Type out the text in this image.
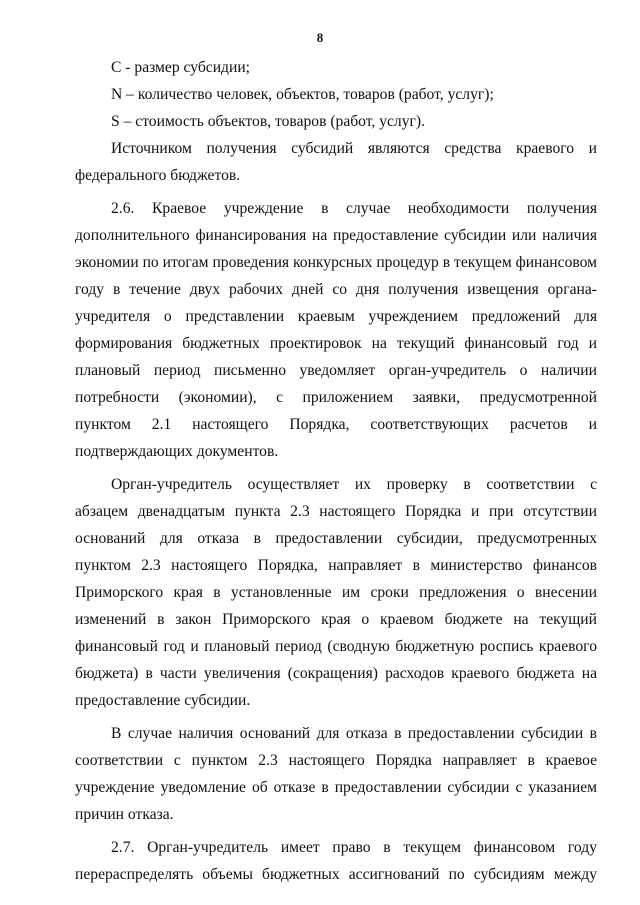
8

С - размер субсидии;

N – количество человек, объектов, товаров (работ, услуг);

S – стоимость объектов, товаров (работ, услуг).

Источником получения субсидий являются средства краевого и

федерального бюджетов.

2.6. Краевое учреждение в случае необходимости получения

дополнительного финансирования на предоставление субсидии или наличия

экономии по итогам проведения конкурсных процедур в текущем финансовом

году в течение двух рабочих дней со дня получения извещения органа-

учредителя о представлении краевым учреждением предложений для

формирования бюджетных проектировок на текущий финансовый год и

плановый период письменно уведомляет орган-учредитель о наличии

потребности (экономии), с приложением заявки, предусмотренной

пунктом 2.1 настоящего Порядка, соответствующих расчетов и

подтверждающих документов.

Орган-учредитель осуществляет их проверку в соответствии с

абзацем двенадцатым пункта 2.3 настоящего Порядка и при отсутствии

оснований для отказа в предоставлении субсидии, предусмотренных

пунктом 2.3 настоящего Порядка, направляет в министерство финансов

Приморского края в установленные им сроки предложения о внесении

изменений в закон Приморского края о краевом бюджете на текущий

финансовый год и плановый период (сводную бюджетную роспись краевого

бюджета) в части увеличения (сокращения) расходов краевого бюджета на

предоставление субсидии.

В случае наличия оснований для отказа в предоставлении субсидии в

соответствии с пунктом 2.3 настоящего Порядка направляет в краевое

учреждение уведомление об отказе в предоставлении субсидии с указанием

причин отказа.

2.7. Орган-учредитель имеет право в текущем финансовом году

перераспределять объемы бюджетных ассигнований по субсидиям между
